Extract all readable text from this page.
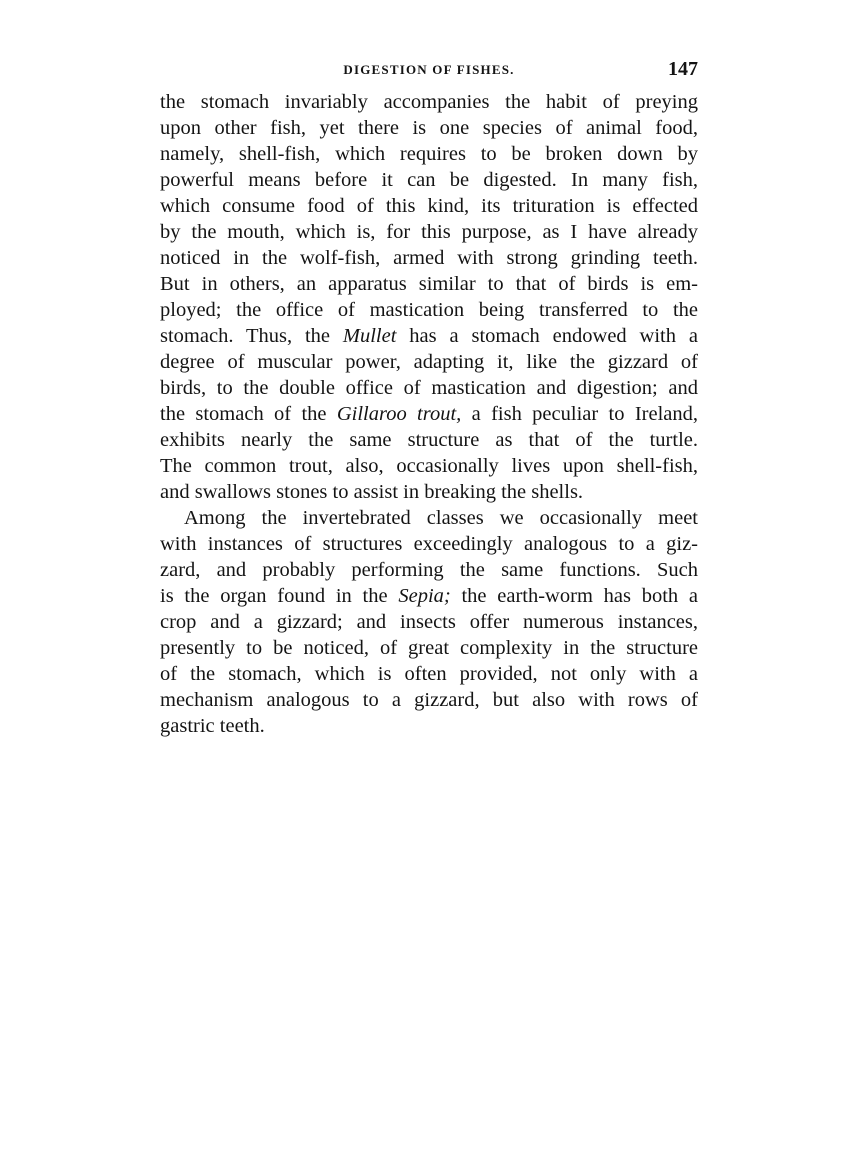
DIGESTION OF FISHES.	147
the stomach invariably accompanies the habit of preying
upon other fish, yet there is one species of animal food,
namely, shell-fish, which requires to be broken down by
powerful means before it can be digested. In many fish,
which consume food of this kind, its trituration is effected
by the mouth, which is, for this purpose, as I have already
noticed in the wolf-fish, armed with strong grinding teeth.
But in others, an apparatus similar to that of birds is em-
ployed; the office of mastication being transferred to the
stomach. Thus, the Mullet has a stomach endowed with a
degree of muscular power, adapting it, like the gizzard of
birds, to the double office of mastication and digestion; and
the stomach of the Gillaroo trout, a fish peculiar to Ireland,
exhibits nearly the same structure as that of the turtle.
The common trout, also, occasionally lives upon shell-fish,
and swallows stones to assist in breaking the shells.
Among the invertebrated classes we occasionally meet
with instances of structures exceedingly analogous to a giz-
zard, and probably performing the same functions. Such
is the organ found in the Sepia; the earth-worm has both a
crop and a gizzard; and insects offer numerous instances,
presently to be noticed, of great complexity in the structure
of the stomach, which is often provided, not only with a
mechanism analogous to a gizzard, but also with rows of
gastric teeth.
